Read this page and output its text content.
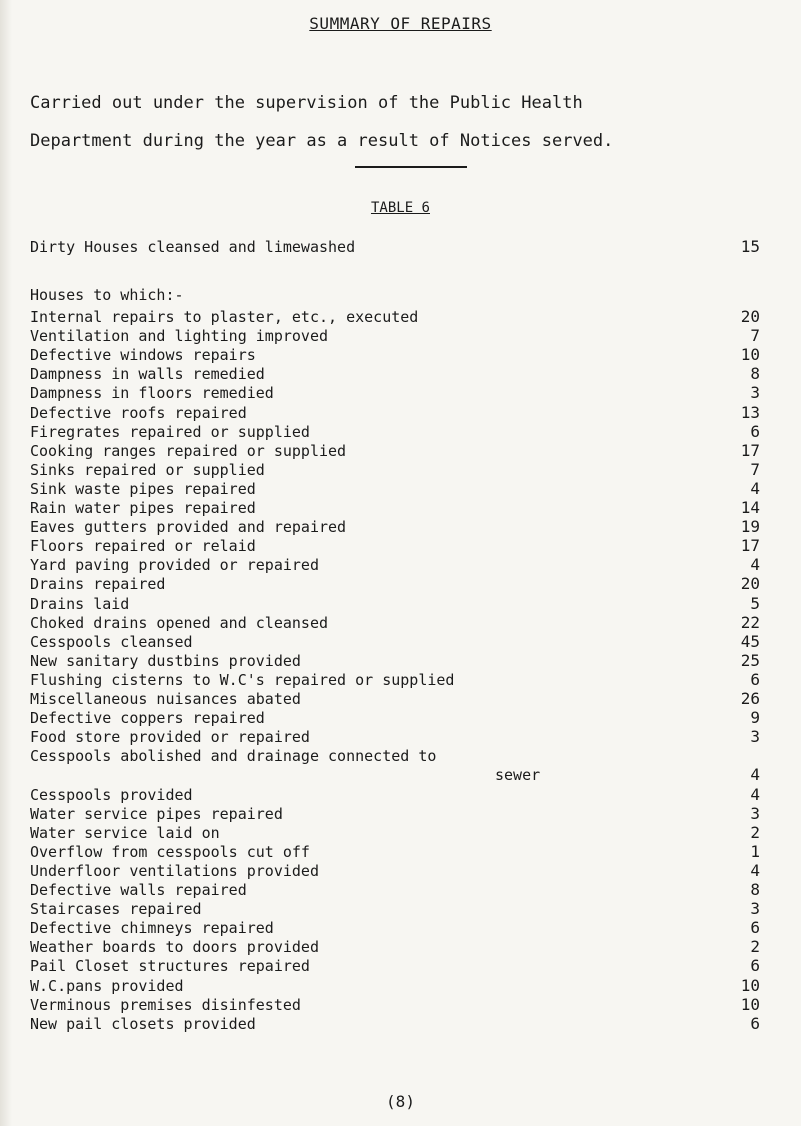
SUMMARY OF REPAIRS
Carried out under the supervision of the Public Health
Department during the year as a result of Notices served.
TABLE 6
Dirty Houses cleansed and limewashed	15
Houses to which:-
Internal repairs to plaster, etc., executed	20
Ventilation and lighting improved	7
Defective windows repairs	10
Dampness in walls remedied	8
Dampness in floors remedied	3
Defective roofs repaired	13
Firegrates repaired or supplied	6
Cooking ranges repaired or supplied	17
Sinks repaired or supplied	7
Sink waste pipes repaired	4
Rain water pipes repaired	14
Eaves gutters provided and repaired	19
Floors repaired or relaid	17
Yard paving provided or repaired	4
Drains repaired	20
Drains laid	5
Choked drains opened and cleansed	22
Cesspools cleansed	45
New sanitary dustbins provided	25
Flushing cisterns to W.C's repaired or supplied	6
Miscellaneous nuisances abated	26
Defective coppers repaired	9
Food store provided or repaired	3
Cesspools abolished and drainage connected to
sewer	4
Cesspools provided	4
Water service pipes repaired	3
Water service laid on	2
Overflow from cesspools cut off	1
Underfloor ventilations provided	4
Defective walls repaired	8
Staircases repaired	3
Defective chimneys repaired	6
Weather boards to doors provided	2
Pail Closet structures repaired	6
W.C.pans provided	10
Verminous premises disinfested	10
New pail closets provided	6
(8)
